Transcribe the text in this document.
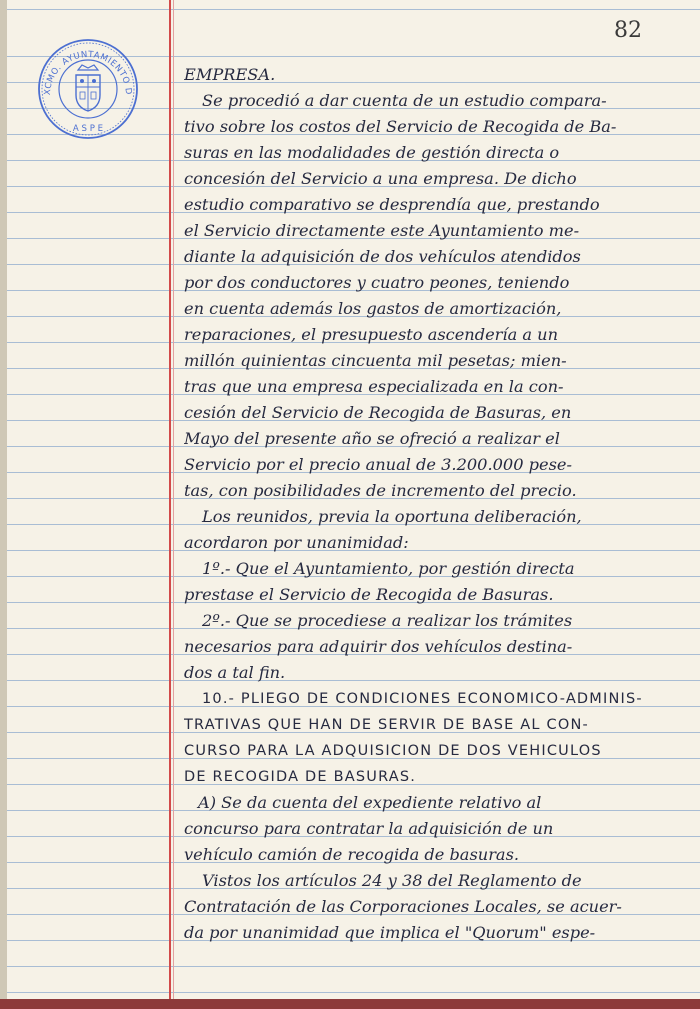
82
XCMO. AYUNTAMIENTO D
A S P E
EMPRESA.
Se procedió a dar cuenta de un estudio compara-
tivo sobre los costos del Servicio de Recogida de Ba-
suras en las modalidades de gestión directa o
concesión del Servicio a una empresa. De dicho
estudio comparativo se desprendía que, prestando
el Servicio directamente este Ayuntamiento me-
diante la adquisición de dos vehículos atendidos
por dos conductores y cuatro peones, teniendo
en cuenta además los gastos de amortización,
reparaciones, el presupuesto ascendería a un
millón quinientas cincuenta mil pesetas; mien-
tras que una empresa especializada en la con-
cesión del Servicio de Recogida de Basuras, en
Mayo del presente año se ofreció a realizar el
Servicio por el precio anual de 3.200.000 pese-
tas, con posibilidades de incremento del precio.
Los reunidos, previa la oportuna deliberación,
acordaron por unanimidad:
1º.- Que el Ayuntamiento, por gestión directa
prestase el Servicio de Recogida de Basuras.
2º.- Que se procediese a realizar los trámites
necesarios para adquirir dos vehículos destina-
dos a tal fin.
10.- PLIEGO DE CONDICIONES ECONOMICO-ADMINIS-
TRATIVAS QUE HAN DE SERVIR DE BASE AL CON-
CURSO PARA LA ADQUISICION DE DOS VEHICULOS
DE RECOGIDA DE BASURAS.
A) Se da cuenta del expediente relativo al
concurso para contratar la adquisición de un
vehículo camión de recogida de basuras.
Vistos los artículos 24 y 38 del Reglamento de
Contratación de las Corporaciones Locales, se acuer-
da por unanimidad que implica el "Quorum" espe-
